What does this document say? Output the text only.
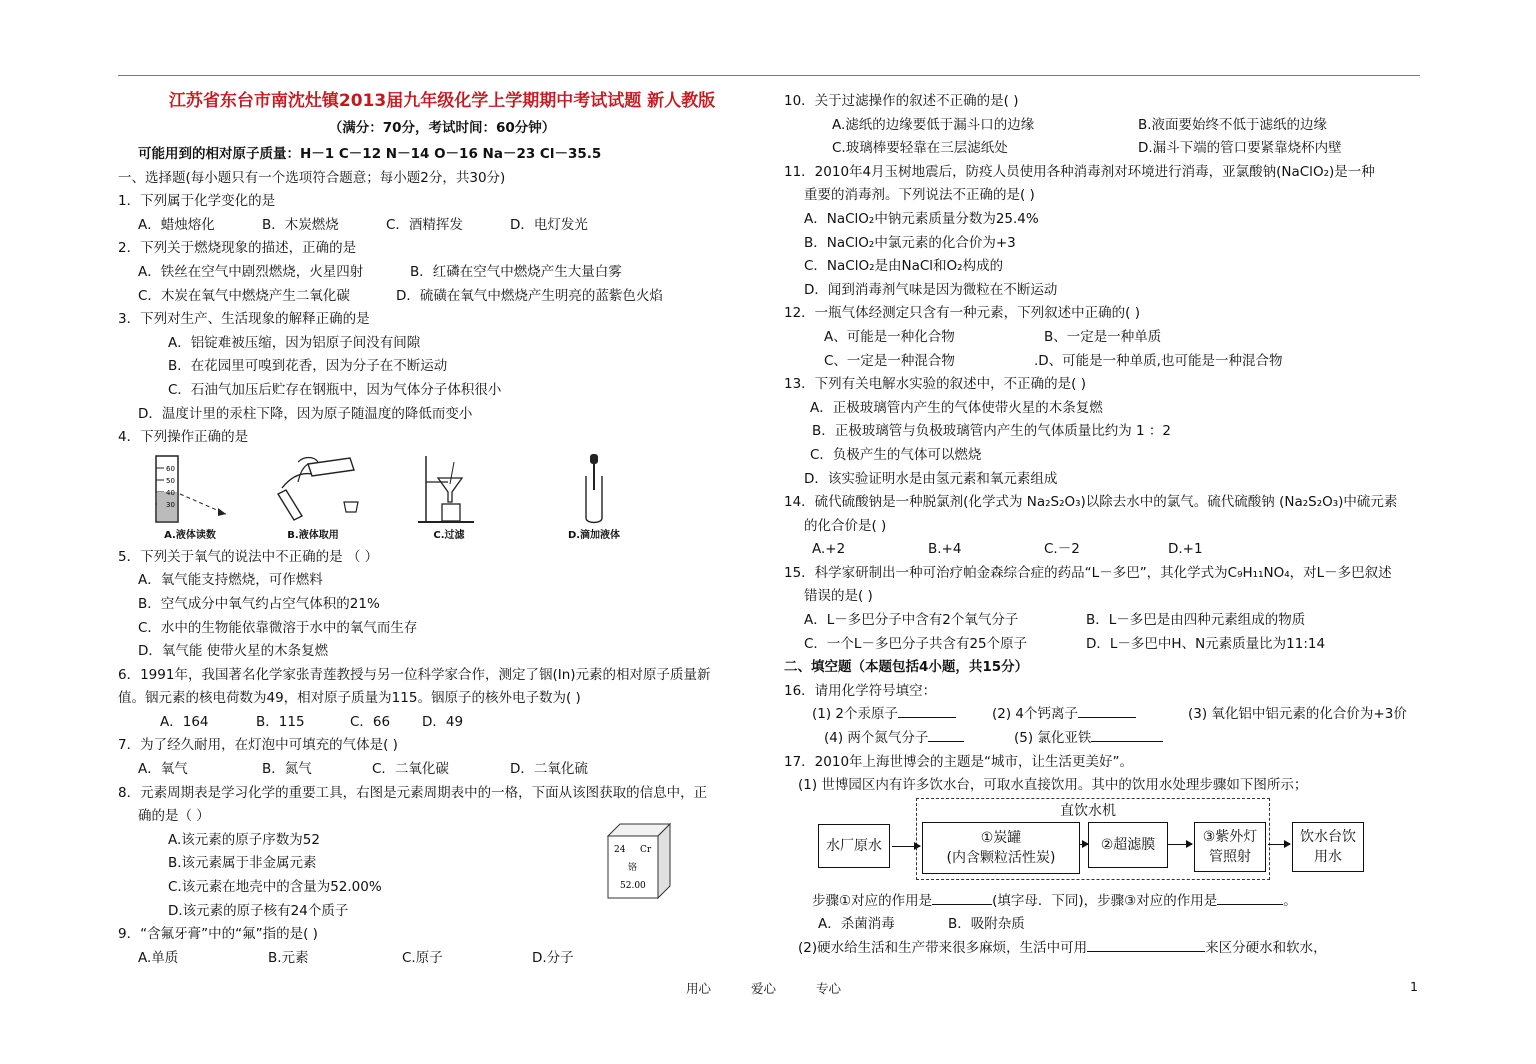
江苏省东台市南沈灶镇2013届九年级化学上学期期中考试试题 新人教版
（满分：70分，考试时间：60分钟）
可能用到的相对原子质量：H－1 C－12 N－14 O－16 Na－23 Cl－35.5
一、选择题(每小题只有一个选项符合题意；每小题2分，共30分)
1．下列属于化学变化的是
A．蜡烛熔化	B．木炭燃烧	C．酒精挥发	D．电灯发光
2．下列关于燃烧现象的描述，正确的是
A．铁丝在空气中剧烈燃烧，火星四射	B．红磷在空气中燃烧产生大量白雾
C．木炭在氧气中燃烧产生二氧化碳	D．硫磺在氧气中燃烧产生明亮的蓝紫色火焰
3．下列对生产、生活现象的解释正确的是
A．铝锭难被压缩，因为铝原子间没有间隙
B．在花园里可嗅到花香，因为分子在不断运动
C．石油气加压后贮存在钢瓶中，因为气体分子体积很小
D．温度计里的汞柱下降，因为原子随温度的降低而变小
4．下列操作正确的是
60
50
40
30
A.液体读数	B.液体取用	C.过滤	D.滴加液体
5．下列关于氧气的说法中不正确的是 （ ）
A．氧气能支持燃烧，可作燃料
B．空气成分中氧气约占空气体积的21%
C．水中的生物能依靠微溶于水中的氧气而生存
D．氧气能 使带火星的木条复燃
6．1991年，我国著名化学家张青莲教授与另一位科学家合作，测定了铟(In)元素的相对原子质量新
值。铟元素的核电荷数为49，相对原子质量为115。铟原子的核外电子数为( )
A．164	B．115	C．66	D．49
7．为了经久耐用，在灯泡中可填充的气体是( )
A．氧气	B．氮气	C．二氧化碳	D．二氧化硫
8．元素周期表是学习化学的重要工具，右图是元素周期表中的一格，下面从该图获取的信息中，正
确的是（ ）
A.该元素的原子序数为52
B.该元素属于非金属元素
C.该元素在地壳中的含量为52.00%
D.该元素的原子核有24个质子
9．“含氟牙膏”中的“氟”指的是( )
A.单质	B.元素	C.原子	D.分子
24 Cr
铬
52.00
10．关于过滤操作的叙述不正确的是( )
A.滤纸的边缘要低于漏斗口的边缘	B.液面要始终不低于滤纸的边缘
C.玻璃棒要轻靠在三层滤纸处	D.漏斗下端的管口要紧靠烧杯内壁
11．2010年4月玉树地震后，防疫人员使用各种消毒剂对环境进行消毒，亚氯酸钠(NaClO₂)是一种
重要的消毒剂。下列说法不正确的是( )
A．NaClO₂中钠元素质量分数为25.4%
B．NaClO₂中氯元素的化合价为+3
C．NaClO₂是由NaCl和O₂构成的
D．闻到消毒剂气味是因为微粒在不断运动
12．一瓶气体经测定只含有一种元素，下列叙述中正确的( )
A、可能是一种化合物	B、一定是一种单质
C、一定是一种混合物	.D、可能是一种单质,也可能是一种混合物
13．下列有关电解水实验的叙述中，不正确的是( )
A．正极玻璃管内产生的气体使带火星的木条复燃
B．正极玻璃管与负极玻璃管内产生的气体质量比约为 1 ：2
C．负极产生的气体可以燃烧
D．该实验证明水是由氢元素和氧元素组成
14．硫代硫酸钠是一种脱氯剂(化学式为 Na₂S₂O₃)以除去水中的氯气。硫代硫酸钠 (Na₂S₂O₃)中硫元素
的化合价是( )
A.+2	B.+4	C.－2	D.+1
15．科学家研制出一种可治疗帕金森综合症的药品“L－多巴”，其化学式为C₉H₁₁NO₄，对L－多巴叙述
错误的是( )
A．L－多巴分子中含有2个氧气分子	B．L－多巴是由四种元素组成的物质
C．一个L－多巴分子共含有25个原子	D．L－多巴中H、N元素质量比为11:14
二、填空题（本题包括4小题，共15分）
16．请用化学符号填空：
(1) 2个汞原子	(2) 4个钙离子	(3) 氧化铝中铝元素的化合价为+3价
(4) 两个氮气分子	(5) 氯化亚铁
17．2010年上海世博会的主题是“城市，让生活更美好”。
(1) 世博园区内有许多饮水台，可取水直接饮用。其中的饮用水处理步骤如下图所示；
直饮水机
水厂原水	①炭罐
(内含颗粒活性炭)
②超滤膜	③紫外灯
管照射
饮水台饮
用水
步骤①对应的作用是	(填字母．下同)，步骤③对应的作用是	。
A．杀菌消毒	B．吸附杂质
(2)硬水给生活和生产带来很多麻烦，生活中可用	来区分硬水和软水，
用心	爱心	专心	1
